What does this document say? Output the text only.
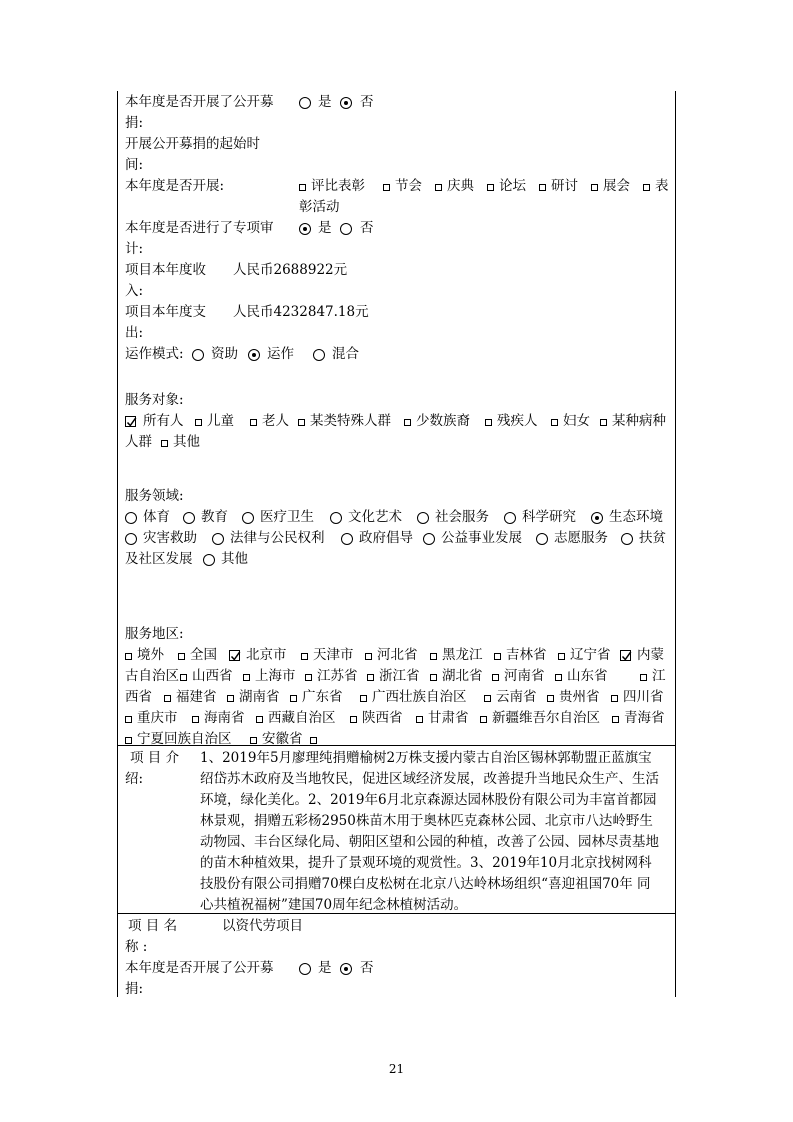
本年度是否开展了公开募	是 否
捐:
开展公开募捐的起始时
间:
本年度是否开展:	评比表彰 节会 庆典 论坛 研讨 展会 表
彰活动
本年度是否进行了专项审	是 否
计:
项目本年度收 人民币2688922元
入:
项目本年度支 人民币4232847.18元
出:
运作模式: 资助 运作	混合
服务对象:
所有人 儿童 老人 某类特殊人群 少数族裔 残疾人 妇女 某种病种
人群 其他
服务领域:
体育 教育 医疗卫生	文化艺术 社会服务 科学研究 生态环境
灾害救助 法律与公民权利	政府倡导 公益事业发展 志愿服务 扶贫
及社区发展 其他
服务地区:
境外 全国 北京市 天津市 河北省 黑龙江 吉林省 辽宁省 内蒙
古自治区 山西省 上海市 江苏省 浙江省 湖北省 河南省 山东省	江
西省 福建省 湖南省 广东省 广西壮族自治区 云南省 贵州省 四川省
重庆市 海南省 西藏自治区 陕西省 甘肃省 新疆维吾尔自治区 青海省
宁夏回族自治区 安徽省
项 目 介
绍:
1、2019年5月廖理纯捐赠榆树2万株支援内蒙古自治区锡林郭勒盟正蓝旗宝
绍岱苏木政府及当地牧民，促进区域经济发展，改善提升当地民众生产、生活
环境，绿化美化。2、2019年6月北京森源达园林股份有限公司为丰富首都园
林景观，捐赠五彩杨2950株苗木用于奥林匹克森林公园、北京市八达岭野生
动物园、丰台区绿化局、朝阳区望和公园的种植，改善了公园、园林尽责基地
的苗木种植效果，提升了景观环境的观赏性。3、2019年10月北京找树网科
技股份有限公司捐赠70棵白皮松树在北京八达岭林场组织“喜迎祖国70年 同
心共植祝福树”建国70周年纪念林植树活动。
项 目 名	以资代劳项目
称 :
本年度是否开展了公开募	是 否
捐:
21
